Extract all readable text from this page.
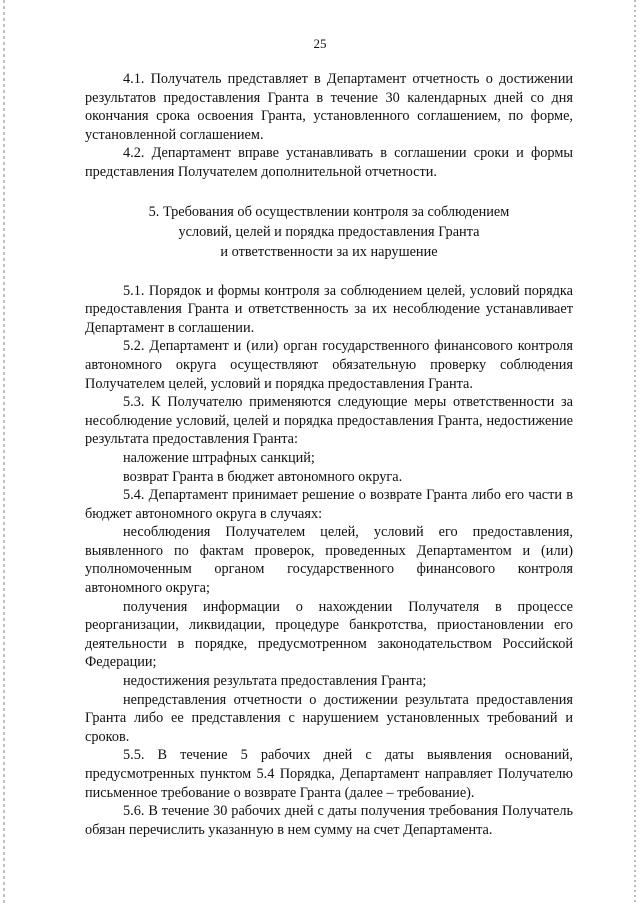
25

4.1. Получатель представляет в Департамент отчетность о достижении результатов предоставления Гранта в течение 30 календарных дней со дня окончания срока освоения Гранта, установленного соглашением, по форме, установленной соглашением.

4.2. Департамент вправе устанавливать в соглашении сроки и формы представления Получателем дополнительной отчетности.

5. Требования об осуществлении контроля за соблюдением
условий, целей и порядка предоставления Гранта
и ответственности за их нарушение

5.1. Порядок и формы контроля за соблюдением целей, условий порядка предоставления Гранта и ответственность за их несоблюдение устанавливает Департамент в соглашении.

5.2. Департамент и (или) орган государственного финансового контроля автономного округа осуществляют обязательную проверку соблюдения Получателем целей, условий и порядка предоставления Гранта.

5.3. К Получателю применяются следующие меры ответственности за несоблюдение условий, целей и порядка предоставления Гранта, недостижение результата предоставления Гранта:

наложение штрафных санкций;

возврат Гранта в бюджет автономного округа.

5.4. Департамент принимает решение о возврате Гранта либо его части в бюджет автономного округа в случаях:

несоблюдения Получателем целей, условий его предоставления, выявленного по фактам проверок, проведенных Департаментом и (или) уполномоченным органом государственного финансового контроля автономного округа;

получения информации о нахождении Получателя в процессе реорганизации, ликвидации, процедуре банкротства, приостановлении его деятельности в порядке, предусмотренном законодательством Российской Федерации;

недостижения результата предоставления Гранта;

непредставления отчетности о достижении результата предоставления Гранта либо ее представления с нарушением установленных требований и сроков.

5.5. В течение 5 рабочих дней с даты выявления оснований, предусмотренных пунктом 5.4 Порядка, Департамент направляет Получателю письменное требование о возврате Гранта (далее – требование).

5.6. В течение 30 рабочих дней с даты получения требования Получатель обязан перечислить указанную в нем сумму на счет Департамента.
